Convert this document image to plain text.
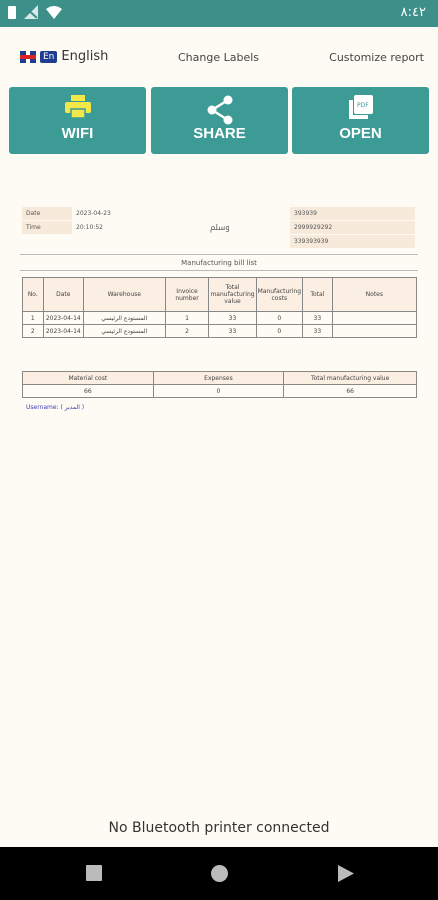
٨:٤٢
En English	Change Labels	Customize report
WIFI	SHARE
PDF
OPEN
Date	2023-04-23
Time	20:10:52	ﷸ
393939
2999929292
339393939
Manufacturing bill list
No.	Date	Warehouse	Invoice number	Total manufacturing value	Manufacturing costs	Total	Notes
1	2023-04-14	المستودع الرئيسي	1	33	0	33	
2	2023-04-14	المستودع الرئيسي	2	33	0	33	
Material cost	Expenses	Total manufacturing value
66	0	66
Username: ( المدير )
No Bluetooth printer connected
